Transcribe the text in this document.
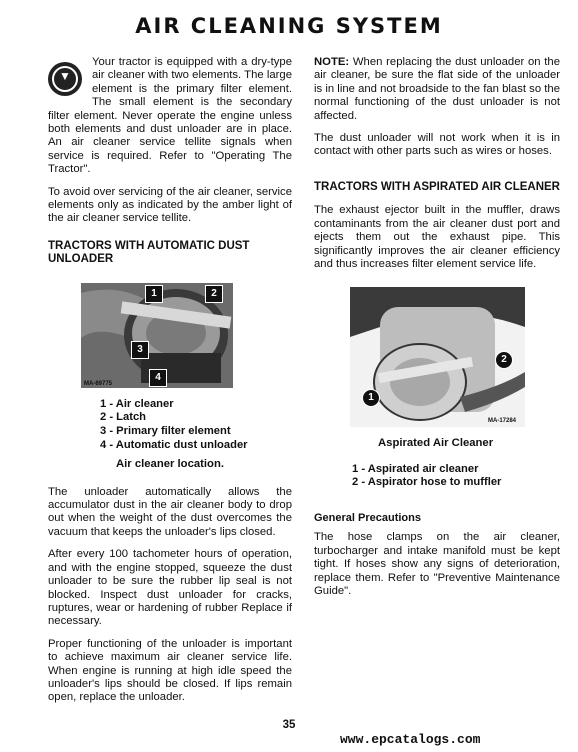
AIR CLEANING SYSTEM
▼

Your tractor is equipped with a dry-type air cleaner with two elements. The large element is the primary filter element. The small element is the secondary filter element. Never operate the engine unless both elements and dust unloader are in place. An air cleaner service tellite signals when service is required. Refer to "Operating The Tractor".

To avoid over servicing of the air cleaner, service elements only as indicated by the amber light of the air cleaner service tellite.

TRACTORS WITH AUTOMATIC DUST UNLOADER
1	2
3
4
MA-69775
1 - Air cleaner
2 - Latch
3 - Primary filter element
4 - Automatic dust unloader

Air cleaner location.

The unloader automatically allows the accumulator dust in the air cleaner body to drop out when the weight of the dust overcomes the vacuum that keeps the unloader's lips closed.

After every 100 tachometer hours of operation, and with the engine stopped, squeeze the dust unloader to be sure the rubber lip seal is not blocked. Inspect dust unloader for cracks, ruptures, wear or hardening of rubber Replace if necessary.

Proper functioning of the unloader is important to achieve maximum air cleaner service life. When engine is running at high idle speed the unloader's lips should be closed. If lips remain open, replace the unloader.

NOTE: When replacing the dust unloader on the air cleaner, be sure the flat side of the unloader is in line and not broadside to the fan blast so the normal functioning of the dust unloader is not affected.

The dust unloader will not work when it is in contact with other parts such as wires or hoses.

TRACTORS WITH ASPIRATED AIR CLEANER

The exhaust ejector built in the muffler, draws contaminants from the air cleaner dust port and ejects them out the exhaust pipe. This significantly improves the air cleaner efficiency and thus increases filter element service life.

1
2
MA-17284

Aspirated Air Cleaner

1 - Aspirated air cleaner
2 - Aspirator hose to muffler
General Precautions

The hose clamps on the air cleaner, turbocharger and intake manifold must be kept tight. If hoses show any signs of deterioration, replace them. Refer to "Preventive Maintenance Guide".

35
www.epcatalogs.com
